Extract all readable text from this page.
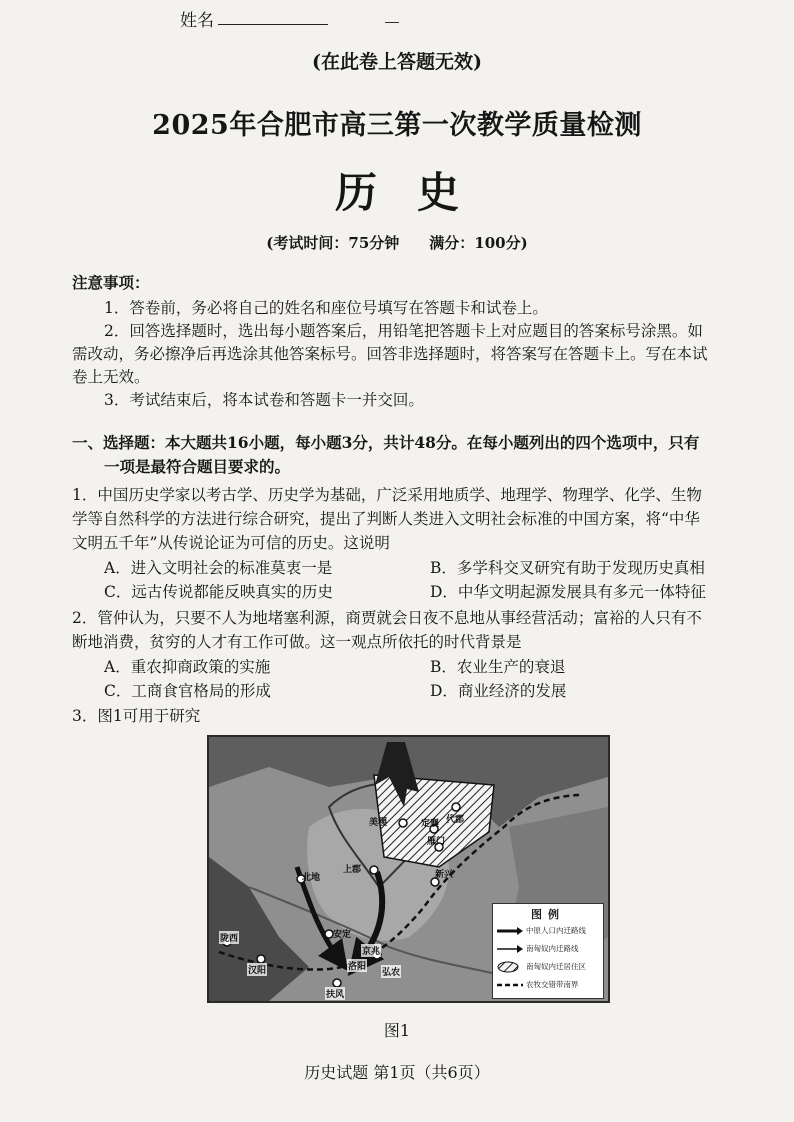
姓名
(在此卷上答题无效)
2025年合肥市高三第一次教学质量检测
历史
(考试时间：75分钟　　满分：100分)
注意事项：
1．答卷前，务必将自己的姓名和座位号填写在答题卡和试卷上。
2．回答选择题时，选出每小题答案后，用铅笔把答题卡上对应题目的答案标号涂黑。如
需改动，务必擦净后再选涂其他答案标号。回答非选择题时，将答案写在答题卡上。写在本试
卷上无效。
3．考试结束后，将本试卷和答题卡一并交回。
一、选择题：本大题共16小题，每小题3分，共计48分。在每小题列出的四个选项中，只有
一项是最符合题目要求的。
1．中国历史学家以考古学、历史学为基础，广泛采用地质学、地理学、物理学、化学、生物
学等自然科学的方法进行综合研究，提出了判断人类进入文明社会标准的中国方案，将“中华
文明五千年”从传说论证为可信的历史。这说明
A．进入文明社会的标准莫衷一是	B．多学科交叉研究有助于发现历史真相
C．远古传说都能反映真实的历史	D．中华文明起源发展具有多元一体特征
2．管仲认为，只要不人为地堵塞利源，商贾就会日夜不息地从事经营活动；富裕的人只有不
断地消费，贫穷的人才有工作可做。这一观点所依托的时代背景是
A．重农抑商政策的实施	B．农业生产的衰退
C．工商食官格局的形成	D．商业经济的发展
3．图1可用于研究
美稷	代郡
定襄
雁门
上郡
北地	新兴
安定
陇西
汉阳	洛阳
京兆
扶风
弘农
图例
中原人口内迁路线
南匈奴内迁路线
南匈奴内迁居住区
农牧交错带南界
图1
历史试题 第1页（共6页）
